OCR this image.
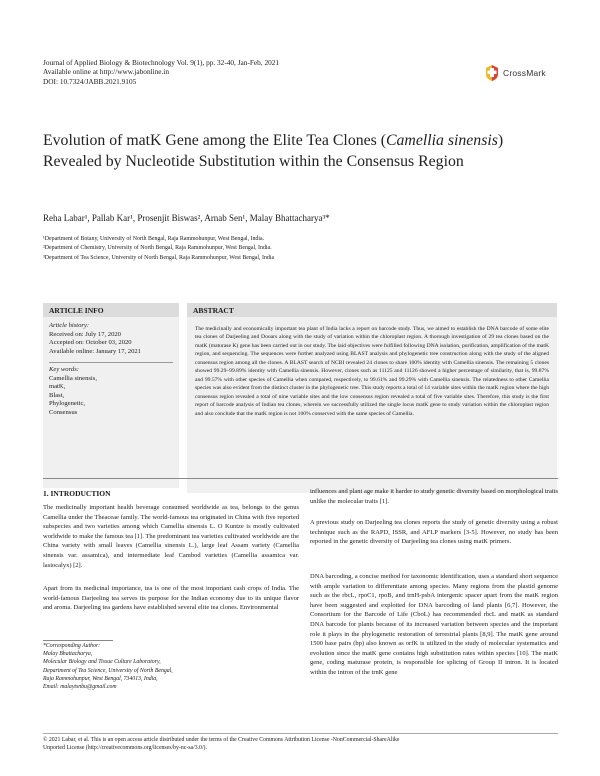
Journal of Applied Biology & Biotechnology Vol. 9(1), pp. 32-40, Jan-Feb, 2021
Available online at http://www.jabonline.in
DOI: 10.7324/JABB.2021.9105
CrossMark
Evolution of matK Gene among the Elite Tea Clones (Camellia sinensis) Revealed by Nucleotide Substitution within the Consensus Region
Reha Labar¹, Pallab Kar¹, Prosenjit Biswas², Arnab Sen¹, Malay Bhattacharya³*
¹Department of Botany, University of North Bengal, Raja Rammohunpur, West Bengal, India.
²Department of Chemistry, University of North Bengal, Raja Rammohunpur, West Bengal, India.
³Department of Tea Science, University of North Bengal, Raja Rammohunpur, West Bengal, India
ARTICLE INFO
Article history:
Received on: July 17, 2020
Accepted on: October 03, 2020
Available online: January 17, 2021
Key words:
Camellia sinensis,
matK,
Blast,
Phylogenetic,
Consensus
ABSTRACT
The medicinally and economically important tea plant of India lacks a report on barcode study. Thus, we aimed to establish the DNA barcode of some elite tea clones of Darjeeling and Dooars along with the study of variation within the chloroplast region. A thorough investigation of 29 tea clones based on the matK (maturase K) gene has been carried out in our study. The laid objectives were fulfilled following DNA isolation, purification, amplification of the matK region, and sequencing. The sequences were further analyzed using BLAST analysis and phylogenetic tree construction along with the study of the aligned consensus region among all the clones. A BLAST search of NCBI revealed 24 clones to share 100% identity with Camellia sinensis. The remaining 5 clones showed 99.29–99.89% identity with Camellia sinensis. However, clones such as 11125 and 11126 showed a higher percentage of similarity, that is, 99.87% and 99.57% with other species of Camellia when compared, respectively, to 99.61% and 99.29% with Camellia sinensis. The relatedness to other Camellia species was also evident from the distinct cluster in the phylogenetic tree. This study reports a total of 14 variable sites within the matK region where the high consensus region revealed a total of nine variable sites and the low consensus region revealed a total of five variable sites. Therefore, this study is the first report of barcode analysis of Indian tea clones, wherein we successfully utilized the single locus matK gene to study variation within the chloroplast region and also conclude that the matK region is not 100% conserved with the same species of Camellia.
1. INTRODUCTION
The medicinally important health beverage consumed worldwide as tea, belongs to the genus Camellia under the Theaceae family. The world-famous tea originated in China with five reported subspecies and two varieties among which Camellia sinensis L. O Kuntze is mostly cultivated worldwide to make the famous tea [1]. The predominant tea varieties cultivated worldwide are the China variety with small leaves (Camellia sinensis L.), large leaf Assam variety (Camellia sinensis var. assamica), and intermediate leaf Cambod varieties (Camellia assamica var. lasiocalyx) [2].
Apart from its medicinal importance, tea is one of the most important cash crops of India. The world-famous Darjeeling tea serves its purpose for the Indian economy due to its unique flavor and aroma. Darjeeling tea gardens have established several elite tea clones. Environmental
*Corresponding Author:
Malay Bhattacharya,
Molecular Biology and Tissue Culture Laboratory,
Department of Tea Science, University of North Bengal,
Raja Rammohunpur, West Bengal, 734013, India,
Email: malaytsnbu@gmail.com
influences and plant age make it harder to study genetic diversity based on morphological traits unlike the molecular traits [1].
A previous study on Darjeeling tea clones reports the study of genetic diversity using a robust technique such as the RAPD, ISSR, and AFLP markers [3-5]. However, no study has been reported in the genetic diversity of Darjeeling tea clones using matK primers.
DNA barcoding, a concise method for taxonomic identification, uses a standard short sequence with ample variation to differentiate among species. Many regions from the plastid genome such as the rbcL, rpoC1, rpoB, and trnH-psbA intergenic spacer apart from the matK region have been suggested and exploited for DNA barcoding of land plants [6,7]. However, the Consortium for the Barcode of Life (CboL) has recommended rbcL and matK as standard DNA barcode for plants because of its increased variation between species and the important role it plays in the phylogenetic restoration of terrestrial plants [8,9]. The matK gene around 1500 base pairs (bp) also known as orfK is utilized in the study of molecular systematics and evolution since the matK gene contains high substitution rates within species [10]. The matK gene, coding maturase protein, is responsible for splicing of Group II intron. It is located within the intron of the trnK gene
© 2021 Labar, et al. This is an open access article distributed under the terms of the Creative Commons Attribution License -NonCommercial-ShareAlike
Unported License (http://creativecommons.org/licenses/by-nc-sa/3.0/).
